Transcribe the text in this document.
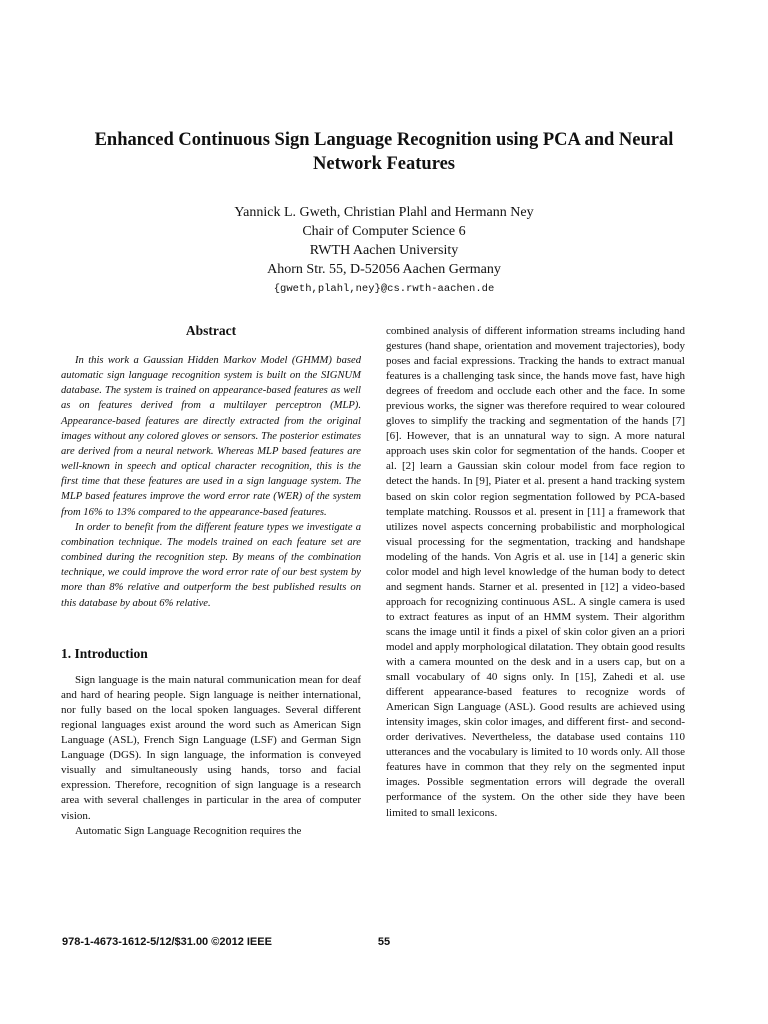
Enhanced Continuous Sign Language Recognition using PCA and Neural
Network Features
Yannick L. Gweth, Christian Plahl and Hermann Ney
Chair of Computer Science 6
RWTH Aachen University
Ahorn Str. 55, D-52056 Aachen Germany
{gweth,plahl,ney}@cs.rwth-aachen.de
Abstract

In this work a Gaussian Hidden Markov Model (GHMM) based automatic sign language recognition system is built on the SIGNUM database. The system is trained on appearance-based features as well as on features derived from a multilayer perceptron (MLP). Appearance-based features are directly extracted from the original images without any colored gloves or sensors. The posterior estimates are derived from a neural network. Whereas MLP based features are well-known in speech and optical character recognition, this is the first time that these features are used in a sign language system. The MLP based features improve the word error rate (WER) of the system from 16% to 13% compared to the appearance-based features.

In order to benefit from the different feature types we investigate a combination technique. The models trained on each feature set are combined during the recognition step. By means of the combination technique, we could improve the word error rate of our best system by more than 8% relative and outperform the best published results on this database by about 6% relative.

1. Introduction

Sign language is the main natural communication mean for deaf and hard of hearing people. Sign language is neither international, nor fully based on the local spoken languages. Several different regional languages exist around the word such as American Sign Language (ASL), French Sign Language (LSF) and German Sign Language (DGS). In sign language, the information is conveyed visually and simultaneously using hands, torso and facial expression. Therefore, recognition of sign language is a research area with several challenges in particular in the area of computer vision.

Automatic Sign Language Recognition requires the

combined analysis of different information streams including hand gestures (hand shape, orientation and movement trajectories), body poses and facial expressions. Tracking the hands to extract manual features is a challenging task since, the hands move fast, have high degrees of freedom and occlude each other and the face. In some previous works, the signer was therefore required to wear coloured gloves to simplify the tracking and segmentation of the hands [7] [6]. However, that is an unnatural way to sign. A more natural approach uses skin color for segmentation of the hands. Cooper et al. [2] learn a Gaussian skin colour model from face region to detect the hands. In [9], Piater et al. present a hand tracking system based on skin color region segmentation followed by PCA-based template matching. Roussos et al. present in [11] a framework that utilizes novel aspects concerning probabilistic and morphological visual processing for the segmentation, tracking and handshape modeling of the hands. Von Agris et al. use in [14] a generic skin color model and high level knowledge of the human body to detect and segment hands. Starner et al. presented in [12] a video-based approach for recognizing continuous ASL. A single camera is used to extract features as input of an HMM system. Their algorithm scans the image until it finds a pixel of skin color given an a priori model and apply morphological dilatation. They obtain good results with a camera mounted on the desk and in a users cap, but on a small vocabulary of 40 signs only. In [15], Zahedi et al. use different appearance-based features to recognize words of American Sign Language (ASL). Good results are achieved using intensity images, skin color images, and different first- and second-order derivatives. Nevertheless, the database used contains 110 utterances and the vocabulary is limited to 10 words only. All those features have in common that they rely on the segmented input images. Possible segmentation errors will degrade the overall performance of the system. On the other side they have been limited to small lexicons.

978-1-4673-1612-5/12/$31.00 ©2012 IEEE	55
